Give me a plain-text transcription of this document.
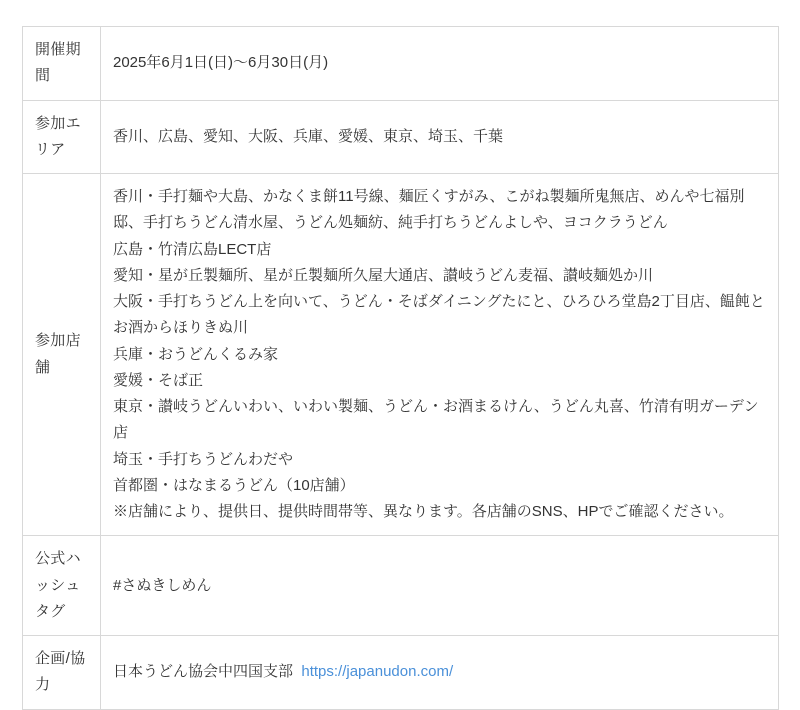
開催期間	2025年6月1日(日)〜6月30日(月)

参加エリア	香川、広島、愛知、大阪、兵庫、愛媛、東京、埼玉、千葉

参加店舗	
香川・手打麺や大島、かなくま餅11号線、麺匠くすがみ、こがね製麺所鬼無店、めんや七福別邸、手打ちうどん清水屋、うどん処麺紡、純手打ちうどんよしや、ヨコクラうどん
広島・竹清広島LECT店
愛知・星が丘製麺所、星が丘製麺所久屋大通店、讃岐うどん麦福、讃岐麺処か川
大阪・手打ちうどん上を向いて、うどん・そばダイニングたにと、ひろひろ堂島2丁目店、饂飩とお酒からほりきぬ川
兵庫・おうどんくるみ家
愛媛・そば正
東京・讃岐うどんいわい、いわい製麺、うどん・お酒まるけん、うどん丸喜、竹清有明ガーデン店
埼玉・手打ちうどんわだや
首都圏・はなまるうどん（10店舗）
※店舗により、提供日、提供時間帯等、異なります。各店舗のSNS、HPでご確認ください。

公式ハッシュタグ	#さぬきしめん

企画/協力	日本うどん協会中四国支部 https://japanudon.com/
